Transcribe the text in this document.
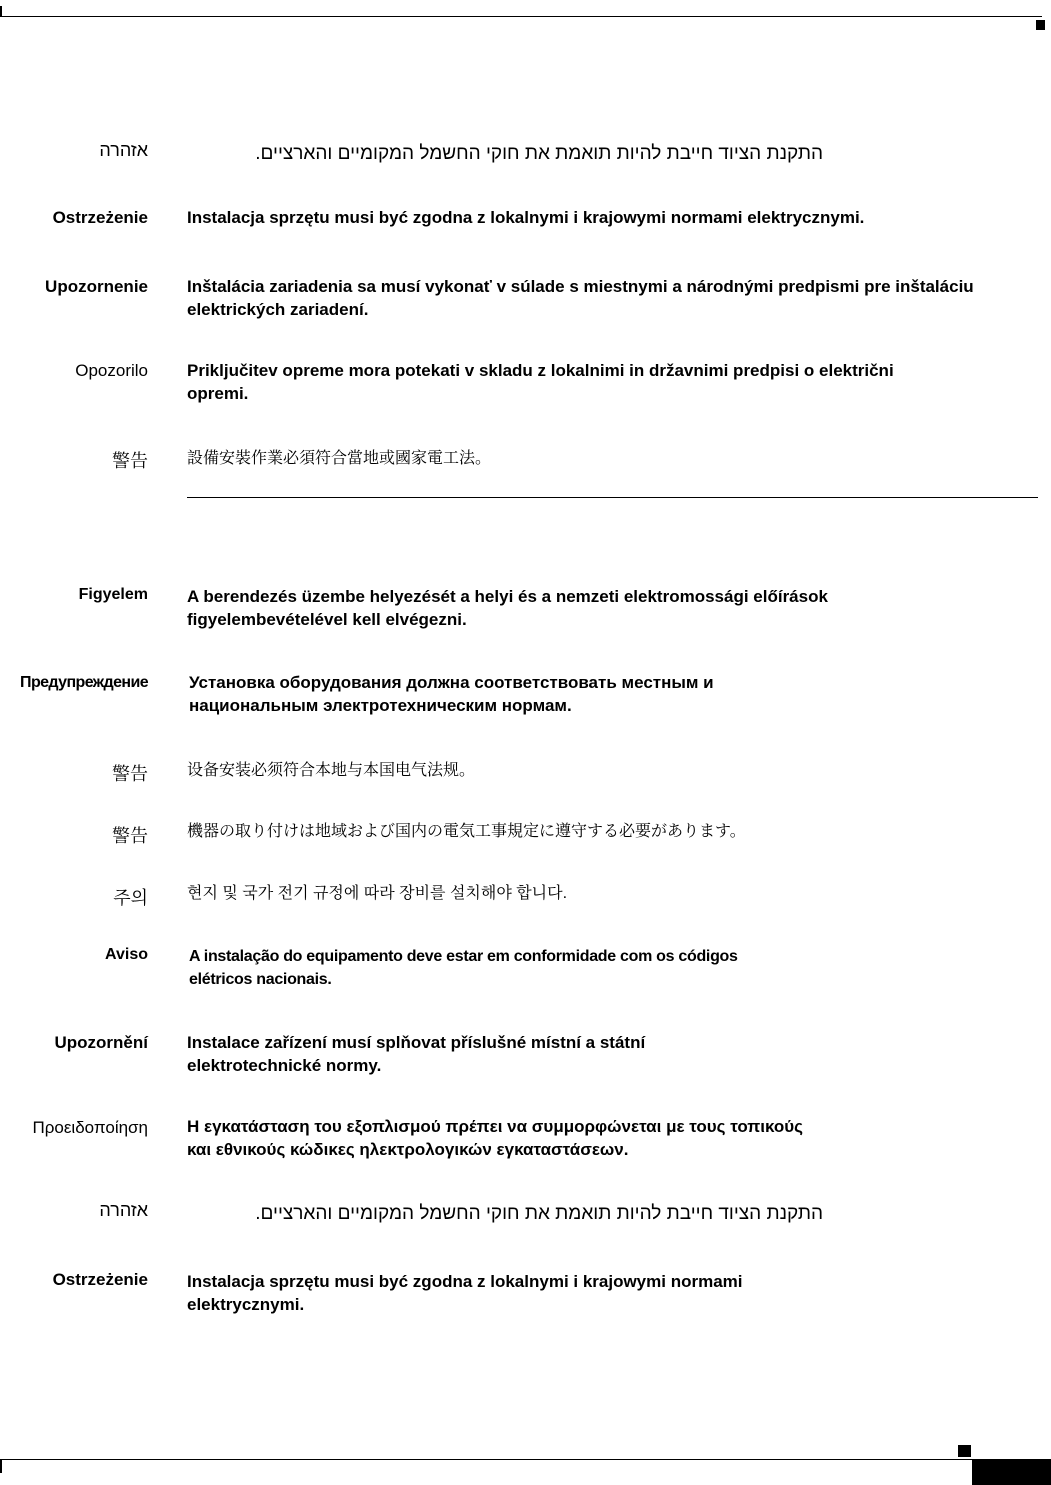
אזהרה	התקנת הציוד חייבת להיות תואמת את חוקי החשמל המקומיים והארציים.
Ostrzeżenie Instalacja sprzętu musi być zgodna z lokalnymi i krajowymi normami elektrycznymi.
Upozornenie Inštalácia zariadenia sa musí vykonať v súlade s miestnymi a národnými predpismi pre inštaláciu elektrických zariadení.
Opozorilo Priključitev opreme mora potekati v skladu z lokalnimi in državnimi predpisi o električni opremi.
警告 設備安裝作業必須符合當地或國家電工法。
Figyelem A berendezés üzembe helyezését a helyi és a nemzeti elektromossági előírások figyelembevételével kell elvégezni.
Предупреждение Установка оборудования должна соответствовать местным и национальным электротехническим нормам.
警告 设备安装必须符合本地与本国电气法规。
警告 機器の取り付けは地域および国内の電気工事規定に遵守する必要があります。
주의 현지 및 국가 전기 규정에 따라 장비를 설치해야 합니다.
Aviso	A instalação do equipamento deve estar em conformidade com os códigos elétricos nacionais.
Upozornění Instalace zařízení musí splňovat příslušné místní a státní elektrotechnické normy.
Προειδοποίηση Η εγκατάσταση του εξοπλισμού πρέπει να συμμορφώνεται με τους τοπικούς και εθνικούς κώδικες ηλεκτρολογικών εγκαταστάσεων.
אזהרה	התקנת הציוד חייבת להיות תואמת את חוקי החשמל המקומיים והארציים.
Ostrzeżenie Instalacja sprzętu musi być zgodna z lokalnymi i krajowymi normami elektrycznymi.
